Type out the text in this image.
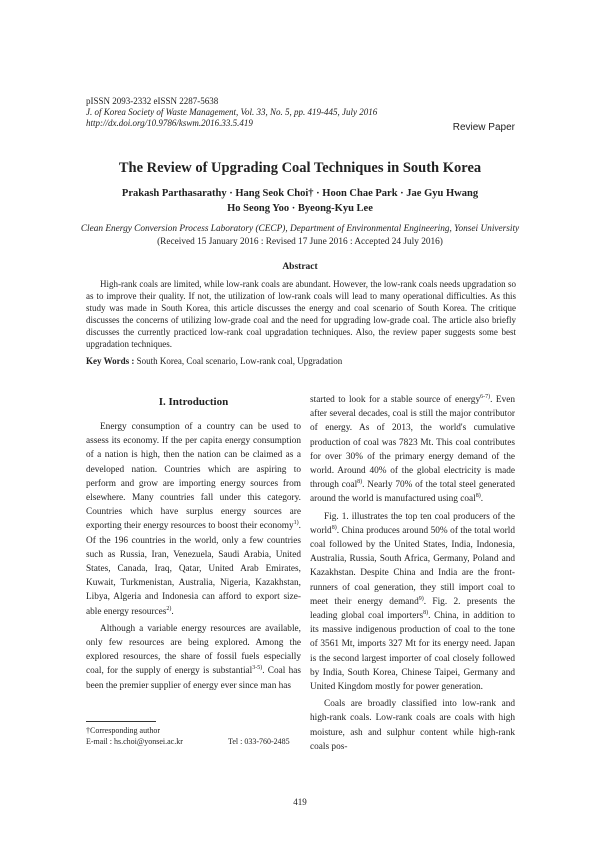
pISSN 2093-2332 eISSN 2287-5638
J. of Korea Society of Waste Management, Vol. 33, No. 5, pp. 419-445, July 2016
http://dx.doi.org/10.9786/kswm.2016.33.5.419	Review Paper
The Review of Upgrading Coal Techniques in South Korea
Prakash Parthasarathy · Hang Seok Choi† · Hoon Chae Park · Jae Gyu Hwang
Ho Seong Yoo · Byeong-Kyu Lee
Clean Energy Conversion Process Laboratory (CECP), Department of Environmental Engineering, Yonsei University
(Received 15 January 2016 : Revised 17 June 2016 : Accepted 24 July 2016)
Abstract
High-rank coals are limited, while low-rank coals are abundant. However, the low-rank coals needs upgradation so as to improve their quality. If not, the utilization of low-rank coals will lead to many operational difficulties. As this study was made in South Korea, this article discusses the energy and coal scenario of South Korea. The critique discusses the concerns of utilizing low-grade coal and the need for upgrading low-grade coal. The article also briefly discusses the currently practiced low-rank coal upgradation techniques. Also, the review paper suggests some best upgradation techniques.
Key Words : South Korea, Coal scenario, Low-rank coal, Upgradation
I. Introduction

Energy consumption of a country can be used to assess its economy. If the per capita energy consumption of a nation is high, then the nation can be claimed as a developed nation. Countries which are aspiring to perform and grow are importing energy sources from elsewhere. Many countries fall under this category. Countries which have surplus energy sources are exporting their energy resources to boost their economy$^{1)}$. Of the 196 countries in the world, only a few countries such as Russia, Iran, Venezuela, Saudi Arabia, United States, Canada, Iraq, Qatar, United Arab Emirates, Kuwait, Turkmenistan, Australia, Nigeria, Kazakhstan, Libya, Algeria and Indonesia can afford to export size-able energy resources$^{2)}$.

Although a variable energy resources are available, only few resources are being explored. Among the explored resources, the share of fossil fuels especially coal, for the supply of energy is substantial$^{3-5)}$. Coal has been the premier supplier of energy ever since man has

started to look for a stable source of energy$^{6-7)}$. Even after several decades, coal is still the major contributor of energy. As of 2013, the world's cumulative production of coal was 7823 Mt. This coal contributes for over 30% of the primary energy demand of the world. Around 40% of the global electricity is made through coal$^{8)}$. Nearly 70% of the total steel generated around the world is manufactured using coal$^{8)}$.

Fig. 1. illustrates the top ten coal producers of the world$^{8)}$. China produces around 50% of the total world coal followed by the United States, India, Indonesia, Australia, Russia, South Africa, Germany, Poland and Kazakhstan. Despite China and India are the front-runners of coal generation, they still import coal to meet their energy demand$^{9)}$. Fig. 2. presents the leading global coal importers$^{8)}$. China, in addition to its massive indigenous production of coal to the tone of 3561 Mt, imports 327 Mt for its energy need. Japan is the second largest importer of coal closely followed by India, South Korea, Chinese Taipei, Germany and United Kingdom mostly for power generation.

Coals are broadly classified into low-rank and high-rank coals. Low-rank coals are coals with high moisture, ash and sulphur content while high-rank coals pos-

†Corresponding author
E-mail : hs.choi@yonsei.ac.kr	Tel : 033-760-2485
419
